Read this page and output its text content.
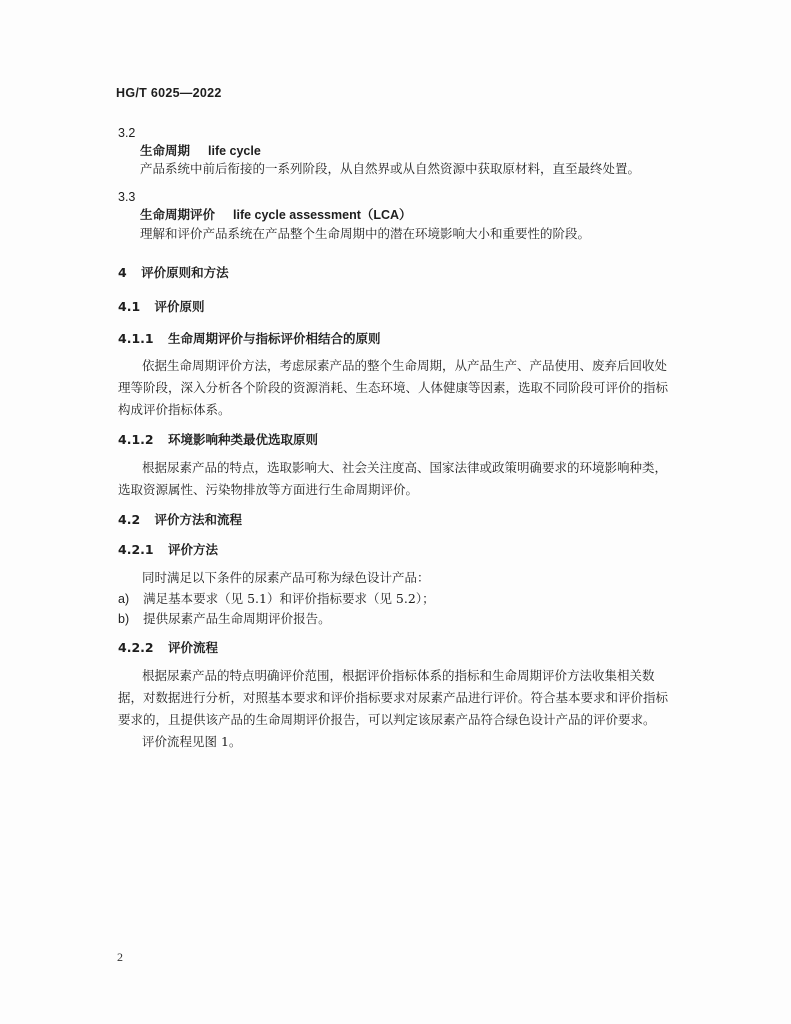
HG/T 6025—2022
3.2
生命周期 life cycle
产品系统中前后衔接的一系列阶段，从自然界或从自然资源中获取原材料，直至最终处置。
3.3
生命周期评价 life cycle assessment（LCA）
理解和评价产品系统在产品整个生命周期中的潜在环境影响大小和重要性的阶段。
4 评价原则和方法
4.1 评价原则
4.1.1 生命周期评价与指标评价相结合的原则
依据生命周期评价方法，考虑尿素产品的整个生命周期，从产品生产、产品使用、废弃后回收处
理等阶段，深入分析各个阶段的资源消耗、生态环境、人体健康等因素，选取不同阶段可评价的指标
构成评价指标体系。
4.1.2 环境影响种类最优选取原则
根据尿素产品的特点，选取影响大、社会关注度高、国家法律或政策明确要求的环境影响种类，
选取资源属性、污染物排放等方面进行生命周期评价。
4.2 评价方法和流程
4.2.1 评价方法
同时满足以下条件的尿素产品可称为绿色设计产品：
a) 满足基本要求（见 5.1）和评价指标要求（见 5.2）；
b) 提供尿素产品生命周期评价报告。
4.2.2 评价流程
根据尿素产品的特点明确评价范围，根据评价指标体系的指标和生命周期评价方法收集相关数
据，对数据进行分析，对照基本要求和评价指标要求对尿素产品进行评价。符合基本要求和评价指标
要求的，且提供该产品的生命周期评价报告，可以判定该尿素产品符合绿色设计产品的评价要求。
评价流程见图 1。
2
